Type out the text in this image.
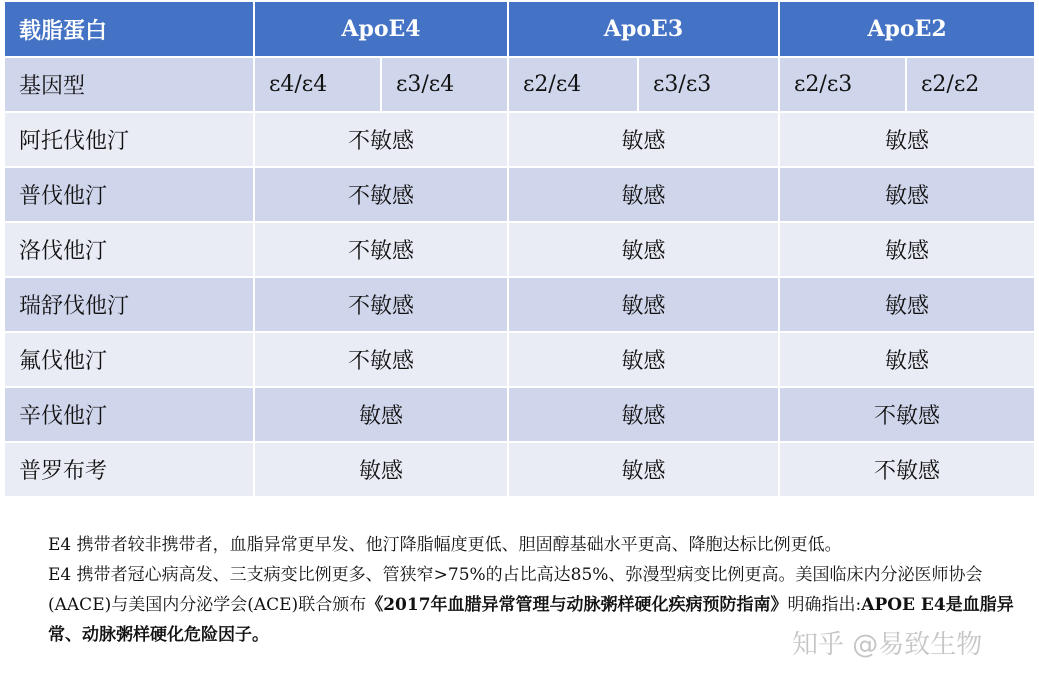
载脂蛋白	ApoE4		ApoE3		ApoE2	
基因型	ε4/ε4	ε3/ε4	ε2/ε4	ε3/ε3	ε2/ε3	ε2/ε2
阿托伐他汀	不敏感		敏感		敏感	
普伐他汀	不敏感		敏感		敏感	
洛伐他汀	不敏感		敏感		敏感	
瑞舒伐他汀	不敏感		敏感		敏感	
氟伐他汀	不敏感		敏感		敏感	
辛伐他汀	敏感		敏感		不敏感	
普罗布考	敏感		敏感		不敏感	

E4 携带者较非携带者，血脂异常更早发、他汀降脂幅度更低、胆固醇基础水平更高、降胞达标比例更低。

E4 携带者冠心病高发、三支病变比例更多、管狭窄>75%的占比高达85%、弥漫型病变比例更高。美国临床内分泌医师协会(AACE)与美国内分泌学会(ACE)联合颁布《2017年血腊异常管理与动脉粥样硬化疾病预防指南》明确指出:APOE E4是血脂异常、动脉粥样硬化危险因子。	知乎 @易致生物
